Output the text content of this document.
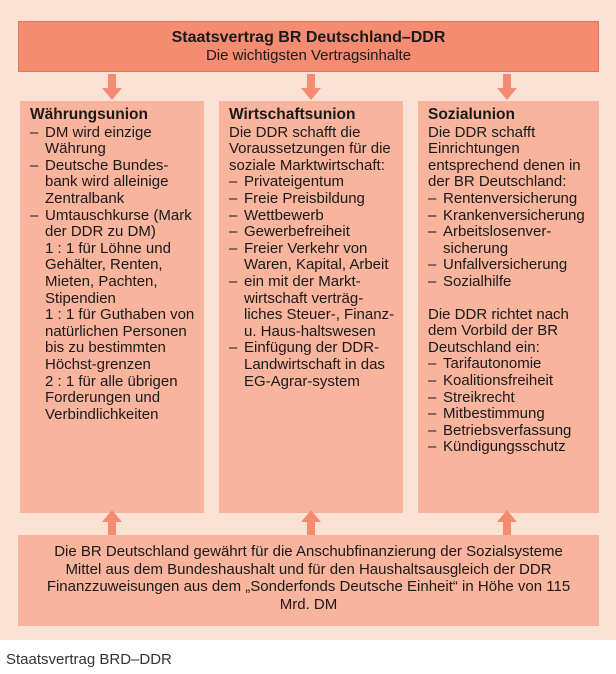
Staatsvertrag BR Deutschland–DDR
Die wichtigsten Vertragsinhalte
Währungsunion
– DM wird einzige Währung
– Deutsche Bundes-bank wird alleinige Zentralbank
– Umtauschkurse (Mark der DDR zu DM)
1 : 1 für Löhne und Gehälter, Renten, Mieten, Pachten, Stipendien
1 : 1 für Guthaben von natürlichen Personen bis zu bestimmten Höchst-grenzen
2 : 1 für alle übrigen Forderungen und Verbindlichkeiten
Wirtschaftsunion

Die DDR schafft die Voraussetzungen für die soziale Marktwirtschaft:

– Privateigentum
– Freie Preisbildung
– Wettbewerb
– Gewerbefreiheit
– Freier Verkehr von Waren, Kapital, Arbeit
– ein mit der Markt-wirtschaft verträg-liches Steuer-, Finanz- u. Haus-haltswesen
– Einfügung der DDR-Landwirtschaft in das EG-Agrar-system
Sozialunion

Die DDR schafft Einrichtungen entsprechend denen in der BR Deutschland:

– Rentenversicherung
– Krankenversicherung
– Arbeitslosenver-sicherung
– Unfallversicherung
– Sozialhilfe

Die DDR richtet nach dem Vorbild der BR Deutschland ein:

– Tarifautonomie
– Koalitionsfreiheit
– Streikrecht
– Mitbestimmung
– Betriebsverfassung
– Kündigungsschutz
Die BR Deutschland gewährt für die Anschubfinanzierung der Sozialsysteme Mittel aus dem Bundeshaushalt und für den Haushaltsausgleich der DDR Finanzzuweisungen aus dem „Sonderfonds Deutsche Einheit“ in Höhe von 115 Mrd. DM
Staatsvertrag BRD–DDR
